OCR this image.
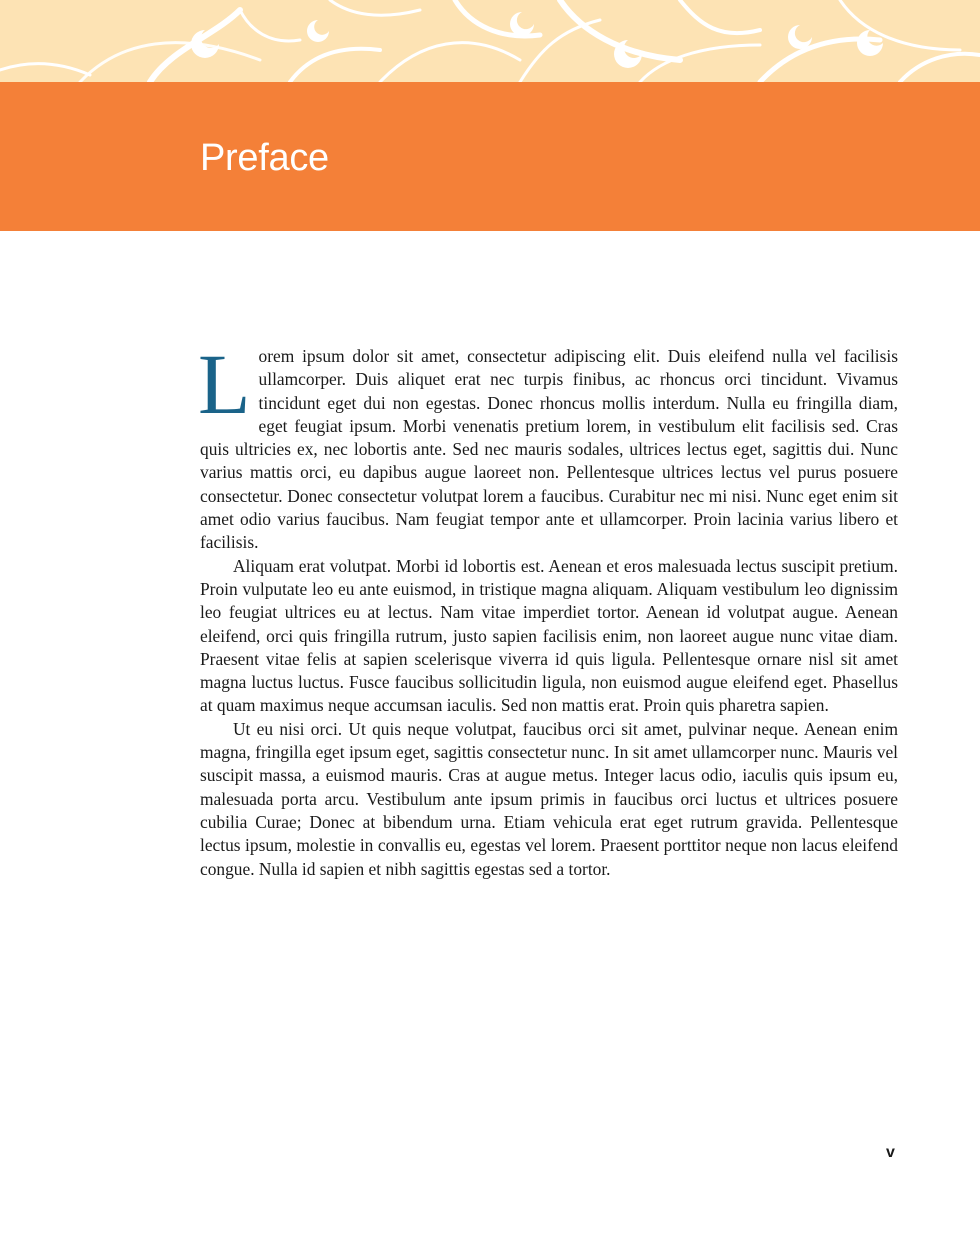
Preface

Lorem ipsum dolor sit amet, consectetur adipiscing elit. Duis eleifend nulla vel facilisis ullamcorper. Duis aliquet erat nec turpis finibus, ac rhoncus orci tincidunt. Vivamus tincidunt eget dui non egestas. Donec rhoncus mollis interdum. Nulla eu fringilla diam, eget feugiat ipsum. Morbi venenatis pretium lorem, in vestibulum elit facilisis sed. Cras quis ultricies ex, nec lobortis ante. Sed nec mauris sodales, ultrices lectus eget, sagittis dui. Nunc varius mattis orci, eu dapibus augue laoreet non. Pellentesque ultrices lectus vel purus posuere consectetur. Donec consectetur volutpat lorem a faucibus. Curabitur nec mi nisi. Nunc eget enim sit amet odio varius faucibus. Nam feugiat tempor ante et ullamcorper. Proin lacinia varius libero et facilisis.

Aliquam erat volutpat. Morbi id lobortis est. Aenean et eros malesuada lectus suscipit pretium. Proin vulputate leo eu ante euismod, in tristique magna aliquam. Aliquam vestibulum leo dignissim leo feugiat ultrices eu at lectus. Nam vitae imperdiet tortor. Aenean id volutpat augue. Aenean eleifend, orci quis fringilla rutrum, justo sapien facilisis enim, non laoreet augue nunc vitae diam. Praesent vitae felis at sapien scelerisque viverra id quis ligula. Pellentesque ornare nisl sit amet magna luctus luctus. Fusce faucibus sollicitudin ligula, non euismod augue eleifend eget. Phasellus at quam maximus neque accumsan iaculis. Sed non mattis erat. Proin quis pharetra sapien.

Ut eu nisi orci. Ut quis neque volutpat, faucibus orci sit amet, pulvinar neque. Aenean enim magna, fringilla eget ipsum eget, sagittis consectetur nunc. In sit amet ullamcorper nunc. Mauris vel suscipit massa, a euismod mauris. Cras at augue metus. Integer lacus odio, iaculis quis ipsum eu, malesuada porta arcu. Vestibulum ante ipsum primis in faucibus orci luctus et ultrices posuere cubilia Curae; Donec at bibendum urna. Etiam vehicula erat eget rutrum gravida. Pellentesque lectus ipsum, molestie in convallis eu, egestas vel lorem. Praesent porttitor neque non lacus eleifend congue. Nulla id sapien et nibh sagittis egestas sed a tortor.

v
